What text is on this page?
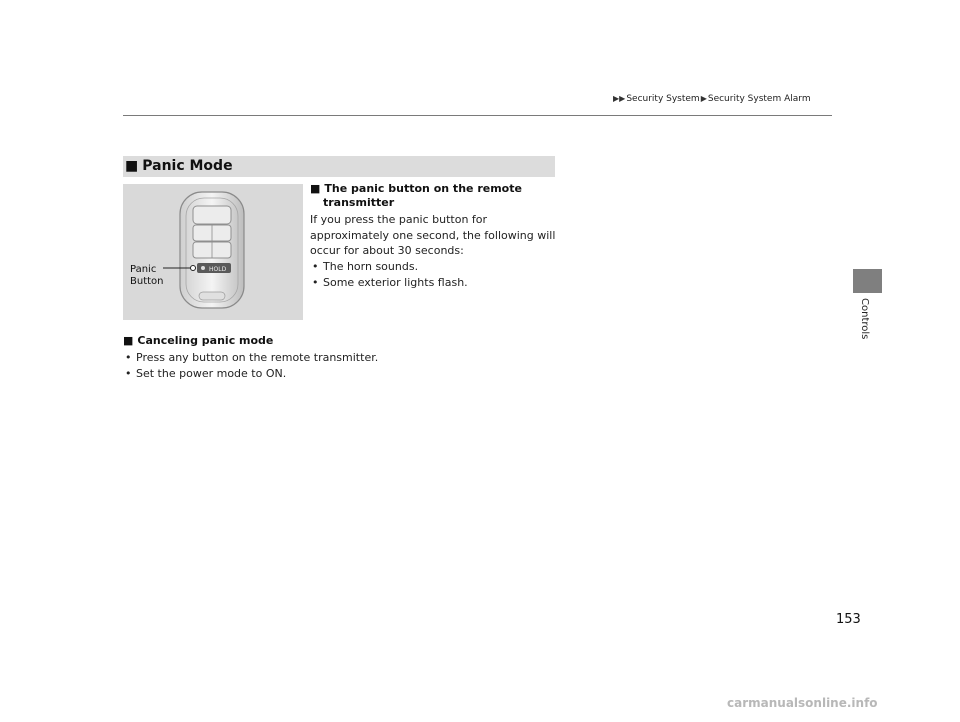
▶▶Security System▶Security System Alarm
■ Panic Mode
HOLD
Panic
Button
■ The panic button on the remote
transmitter
If you press the panic button for
approximately one second, the following will
occur for about 30 seconds:
• The horn sounds.
• Some exterior lights flash.
■ Canceling panic mode
• Press any button on the remote transmitter.
• Set the power mode to ON.
Controls
153
carmanualsonline.info
